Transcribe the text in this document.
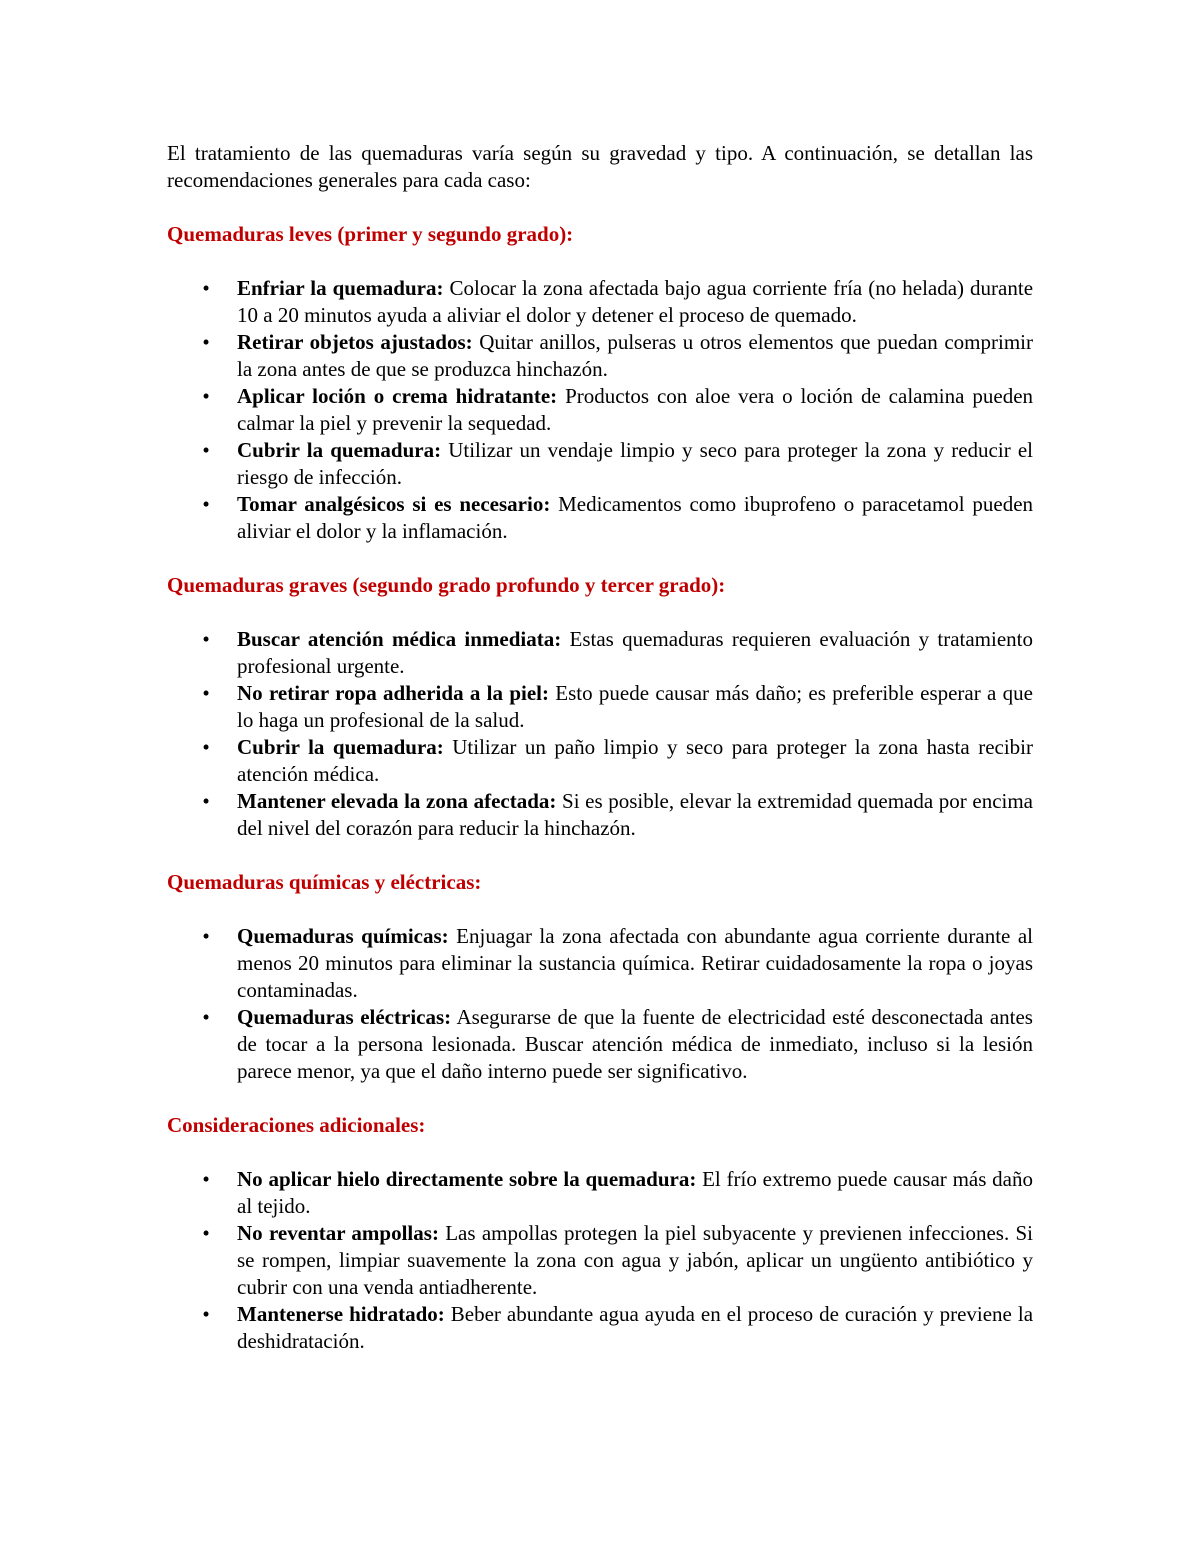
El tratamiento de las quemaduras varía según su gravedad y tipo. A continuación, se detallan las recomendaciones generales para cada caso:

Quemaduras leves (primer y segundo grado):

• Enfriar la quemadura: Colocar la zona afectada bajo agua corriente fría (no helada) durante 10 a 20 minutos ayuda a aliviar el dolor y detener el proceso de quemado.
• Retirar objetos ajustados: Quitar anillos, pulseras u otros elementos que puedan comprimir la zona antes de que se produzca hinchazón.
• Aplicar loción o crema hidratante: Productos con aloe vera o loción de calamina pueden calmar la piel y prevenir la sequedad.
• Cubrir la quemadura: Utilizar un vendaje limpio y seco para proteger la zona y reducir el riesgo de infección.
• Tomar analgésicos si es necesario: Medicamentos como ibuprofeno o paracetamol pueden aliviar el dolor y la inflamación.

Quemaduras graves (segundo grado profundo y tercer grado):

• Buscar atención médica inmediata: Estas quemaduras requieren evaluación y tratamiento profesional urgente.
• No retirar ropa adherida a la piel: Esto puede causar más daño; es preferible esperar a que lo haga un profesional de la salud.
• Cubrir la quemadura: Utilizar un paño limpio y seco para proteger la zona hasta recibir atención médica.
• Mantener elevada la zona afectada: Si es posible, elevar la extremidad quemada por encima del nivel del corazón para reducir la hinchazón.

Quemaduras químicas y eléctricas:

• Quemaduras químicas: Enjuagar la zona afectada con abundante agua corriente durante al menos 20 minutos para eliminar la sustancia química. Retirar cuidadosamente la ropa o joyas contaminadas.
• Quemaduras eléctricas: Asegurarse de que la fuente de electricidad esté desconectada antes de tocar a la persona lesionada. Buscar atención médica de inmediato, incluso si la lesión parece menor, ya que el daño interno puede ser significativo.

Consideraciones adicionales:

• No aplicar hielo directamente sobre la quemadura: El frío extremo puede causar más daño al tejido.
• No reventar ampollas: Las ampollas protegen la piel subyacente y previenen infecciones. Si se rompen, limpiar suavemente la zona con agua y jabón, aplicar un ungüento antibiótico y cubrir con una venda antiadherente.
• Mantenerse hidratado: Beber abundante agua ayuda en el proceso de curación y previene la deshidratación.
